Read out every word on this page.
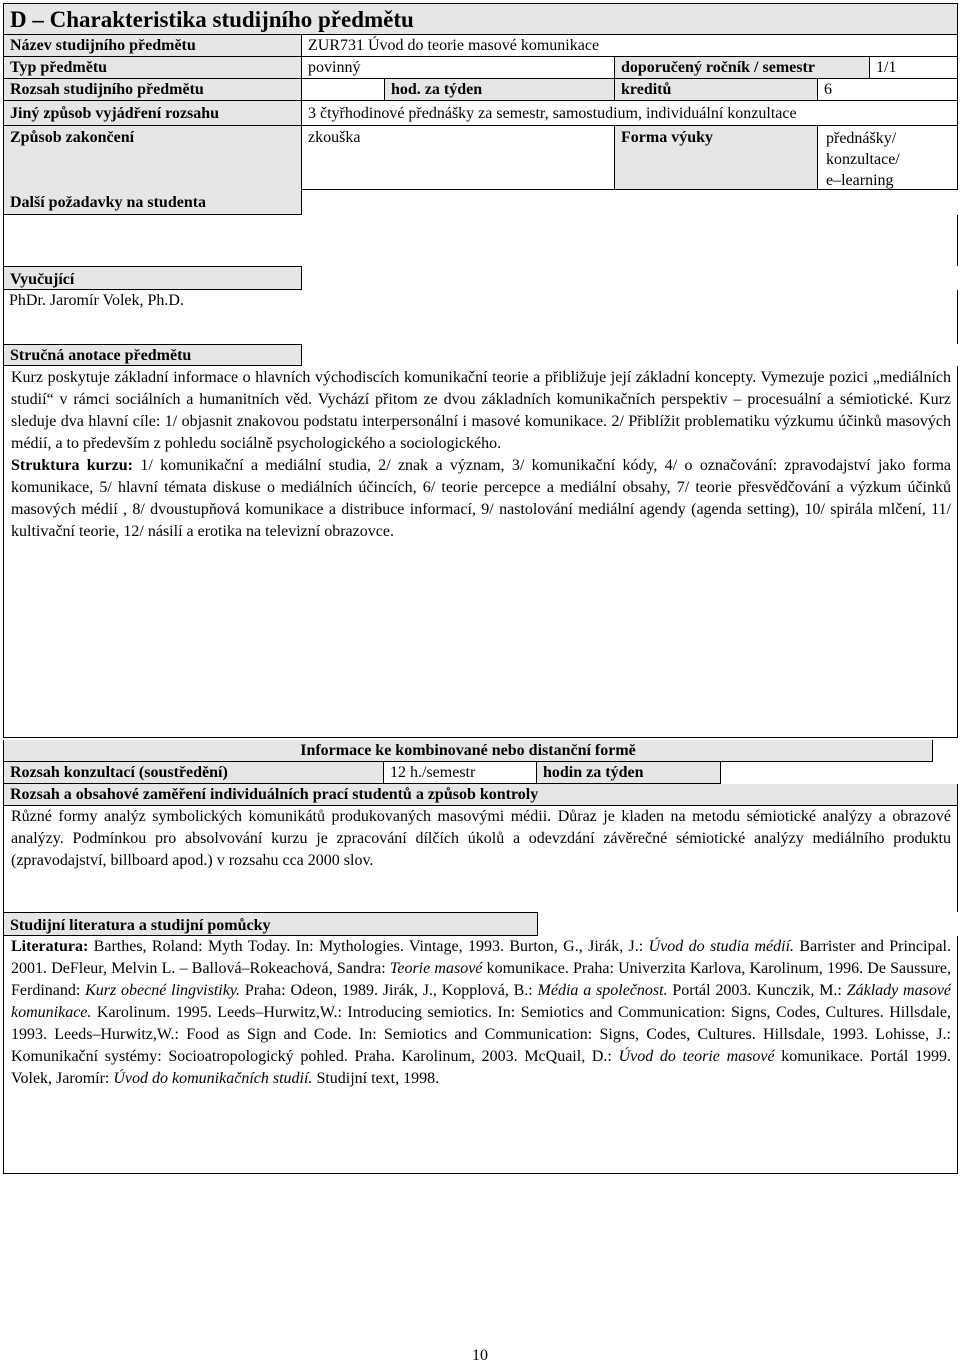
D – Charakteristika studijního předmětu
Název studijního předmětu	ZUR731 Úvod do teorie masové komunikace
Typ předmětu	povinný	doporučený ročník / semestr	1/1
Rozsah studijního předmětu	hod. za týden	kreditů	6
Jiný způsob vyjádření rozsahu	3 čtyřhodinové přednášky za semestr, samostudium, individuální konzultace
Způsob zakončení	zkouška	Forma výuky	přednášky/
konzultace/
e–learning
Další požadavky na studenta
Vyučující
PhDr. Jaromír Volek, Ph.D.
Stručná anotace předmětu
Kurz poskytuje základní informace o hlavních východiscích komunikační teorie a přibližuje její základní koncepty. Vymezuje pozici „mediálních studií“ v rámci sociálních a humanitních věd. Vychází přitom ze dvou základních komunikačních perspektiv – procesuální a sémiotické. Kurz sleduje dva hlavní cíle: 1/ objasnit znakovou podstatu interpersonální i masové komunikace. 2/ Přiblížit problematiku výzkumu účinků masových médií, a to především z pohledu sociálně psychologického a sociologického.
Struktura kurzu: 1/ komunikační a mediální studia, 2/ znak a význam, 3/ komunikační kódy, 4/ o označování: zpravodajství jako forma komunikace, 5/ hlavní témata diskuse o mediálních účincích, 6/ teorie percepce a mediální obsahy, 7/ teorie přesvědčování a výzkum účinků masových médií , 8/ dvoustupňová komunikace a distribuce informací, 9/ nastolování mediální agendy (agenda setting), 10/ spirála mlčení, 11/ kultivační teorie, 12/ násilí a erotika na televizní obrazovce.
Informace ke kombinované nebo distanční formě
Rozsah konzultací (soustředění)	12 h./semestr	hodin za týden
Rozsah a obsahové zaměření individuálních prací studentů a způsob kontroly
Různé formy analýz symbolických komunikátů produkovaných masovými médii. Důraz je kladen na metodu sémiotické analýzy a obrazové analýzy. Podmínkou pro absolvování kurzu je zpracování dílčích úkolů a odevzdání závěrečné sémiotické analýzy mediálního produktu (zpravodajství, billboard apod.) v rozsahu cca 2000 slov.
Studijní literatura a studijní pomůcky
Literatura: Barthes, Roland: Myth Today. In: Mythologies. Vintage, 1993. Burton, G., Jirák, J.: Úvod do studia médií. Barrister and Principal. 2001. DeFleur, Melvin L. – Ballová–Rokeachová, Sandra: Teorie masové komunikace. Praha: Univerzita Karlova, Karolinum, 1996. De Saussure, Ferdinand: Kurz obecné lingvistiky. Praha: Odeon, 1989. Jirák, J., Kopplová, B.: Média a společnost. Portál 2003. Kunczik, M.: Základy masové komunikace. Karolinum. 1995. Leeds–Hurwitz,W.: Introducing semiotics. In: Semiotics and Communication: Signs, Codes, Cultures. Hillsdale, 1993. Leeds–Hurwitz,W.: Food as Sign and Code. In: Semiotics and Communication: Signs, Codes, Cultures. Hillsdale, 1993. Lohisse, J.: Komunikační systémy: Socioatropologický pohled. Praha. Karolinum, 2003. McQuail, D.: Úvod do teorie masové komunikace. Portál 1999. Volek, Jaromír: Úvod do komunikačních studií. Studijní text, 1998.
10
